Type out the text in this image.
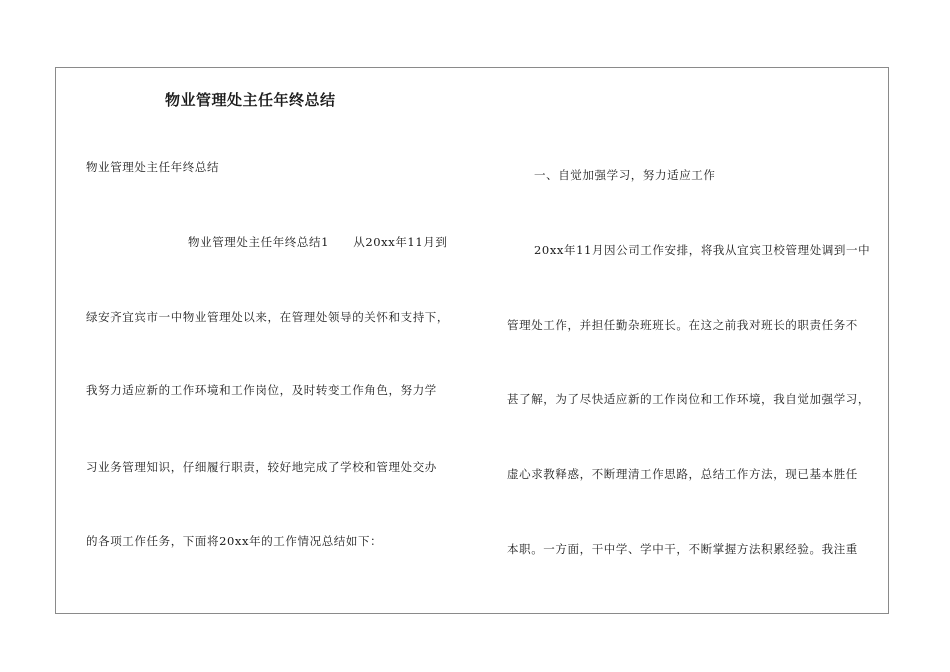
物业管理处主任年终总结
物业管理处主任年终总结
物业管理处主任年终总结1　　从20xx年11月到
绿安齐宜宾市一中物业管理处以来，在管理处领导的关怀和支持下，
我努力适应新的工作环境和工作岗位，及时转变工作角色，努力学
习业务管理知识，仔细履行职责，较好地完成了学校和管理处交办
的各项工作任务，下面将20xx年的工作情况总结如下：
一、自觉加强学习，努力适应工作
20xx年11月因公司工作安排，将我从宜宾卫校管理处调到一中
管理处工作，并担任勤杂班班长。在这之前我对班长的职责任务不
甚了解，为了尽快适应新的工作岗位和工作环境，我自觉加强学习，
虚心求教释惑，不断理清工作思路，总结工作方法，现已基本胜任
本职。一方面，干中学、学中干，不断掌握方法积累经验。我注重
